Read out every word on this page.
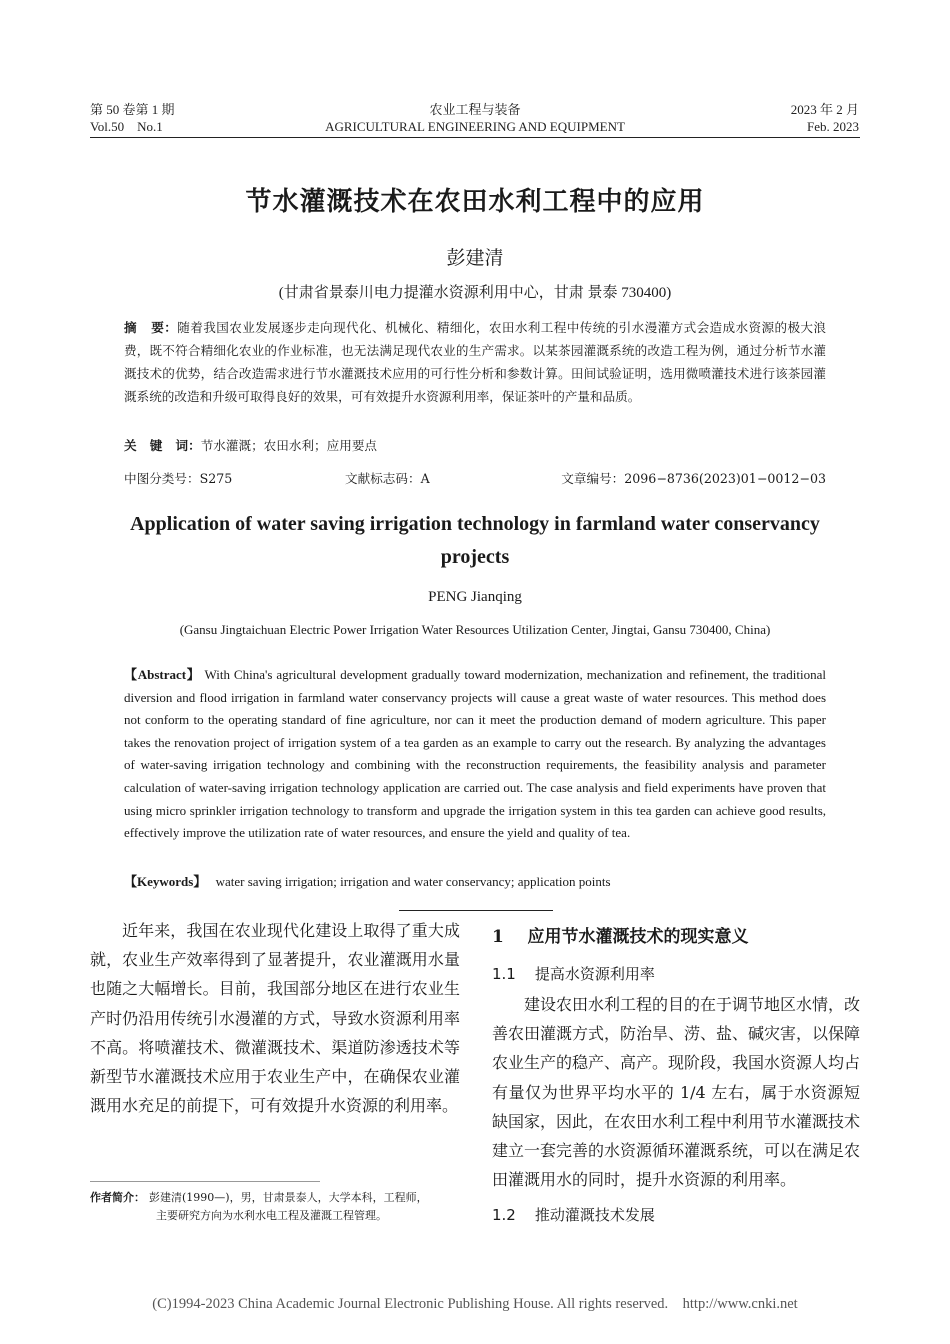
第 50 卷第 1 期	农业工程与装备	2023 年 2 月
Vol.50    No.1	AGRICULTURAL ENGINEERING AND EQUIPMENT	Feb. 2023
节水灌溉技术在农田水利工程中的应用
彭建清
(甘肃省景泰川电力提灌水资源利用中心，甘肃 景泰 730400)
摘   要：随着我国农业发展逐步走向现代化、机械化、精细化，农田水利工程中传统的引水漫灌方式会造成水资源的极大浪费，既不符合精细化农业的作业标准，也无法满足现代农业的生产需求。以某茶园灌溉系统的改造工程为例，通过分析节水灌溉技术的优势，结合改造需求进行节水灌溉技术应用的可行性分析和参数计算。田间试验证明，选用微喷灌技术进行该茶园灌溉系统的改造和升级可取得良好的效果，可有效提升水资源利用率，保证茶叶的产量和品质。
关   键   词：节水灌溉；农田水利；应用要点
中图分类号：S275	文献标志码：A	文章编号：2096−8736(2023)01−0012−03
Application of water saving irrigation technology in farmland water conservancy projects
PENG Jianqing
(Gansu Jingtaichuan Electric Power Irrigation Water Resources Utilization Center, Jingtai, Gansu 730400, China)
【Abstract】 With China's agricultural development gradually toward modernization, mechanization and refinement, the traditional diversion and flood irrigation in farmland water conservancy projects will cause a great waste of water resources. This method does not conform to the operating standard of fine agriculture, nor can it meet the production demand of modern agriculture. This paper takes the renovation project of irrigation system of a tea garden as an example to carry out the research. By analyzing the advantages of water-saving irrigation technology and combining with the reconstruction requirements, the feasibility analysis and parameter calculation of water-saving irrigation technology application are carried out. The case analysis and field experiments have proven that using micro sprinkler irrigation technology to transform and upgrade the irrigation system in this tea garden can achieve good results, effectively improve the utilization rate of water resources, and ensure the yield and quality of tea.
【Keywords】 water saving irrigation; irrigation and water conservancy; application points

近年来，我国在农业现代化建设上取得了重大成就，农业生产效率得到了显著提升，农业灌溉用水量也随之大幅增长。目前，我国部分地区在进行农业生产时仍沿用传统引水漫灌的方式，导致水资源利用率不高。将喷灌技术、微灌溉技术、渠道防渗透技术等新型节水灌溉技术应用于农业生产中，在确保农业灌溉用水充足的前提下，可有效提升水资源的利用率。

1    应用节水灌溉技术的现实意义
1.1    提高水资源利用率

建设农田水利工程的目的在于调节地区水情，改善农田灌溉方式，防治旱、涝、盐、碱灾害，以保障农业生产的稳产、高产。现阶段，我国水资源人均占有量仅为世界平均水平的 1/4 左右，属于水资源短缺国家，因此，在农田水利工程中利用节水灌溉技术建立一套完善的水资源循环灌溉系统，可以在满足农田灌溉用水的同时，提升水资源的利用率。

1.2    推动灌溉技术发展
作者简介： 彭建清(1990—)，男，甘肃景泰人，大学本科，工程师，
主要研究方向为水利水电工程及灌溉工程管理。
(C)1994-2023 China Academic Journal Electronic Publishing House. All rights reserved.    http://www.cnki.net
